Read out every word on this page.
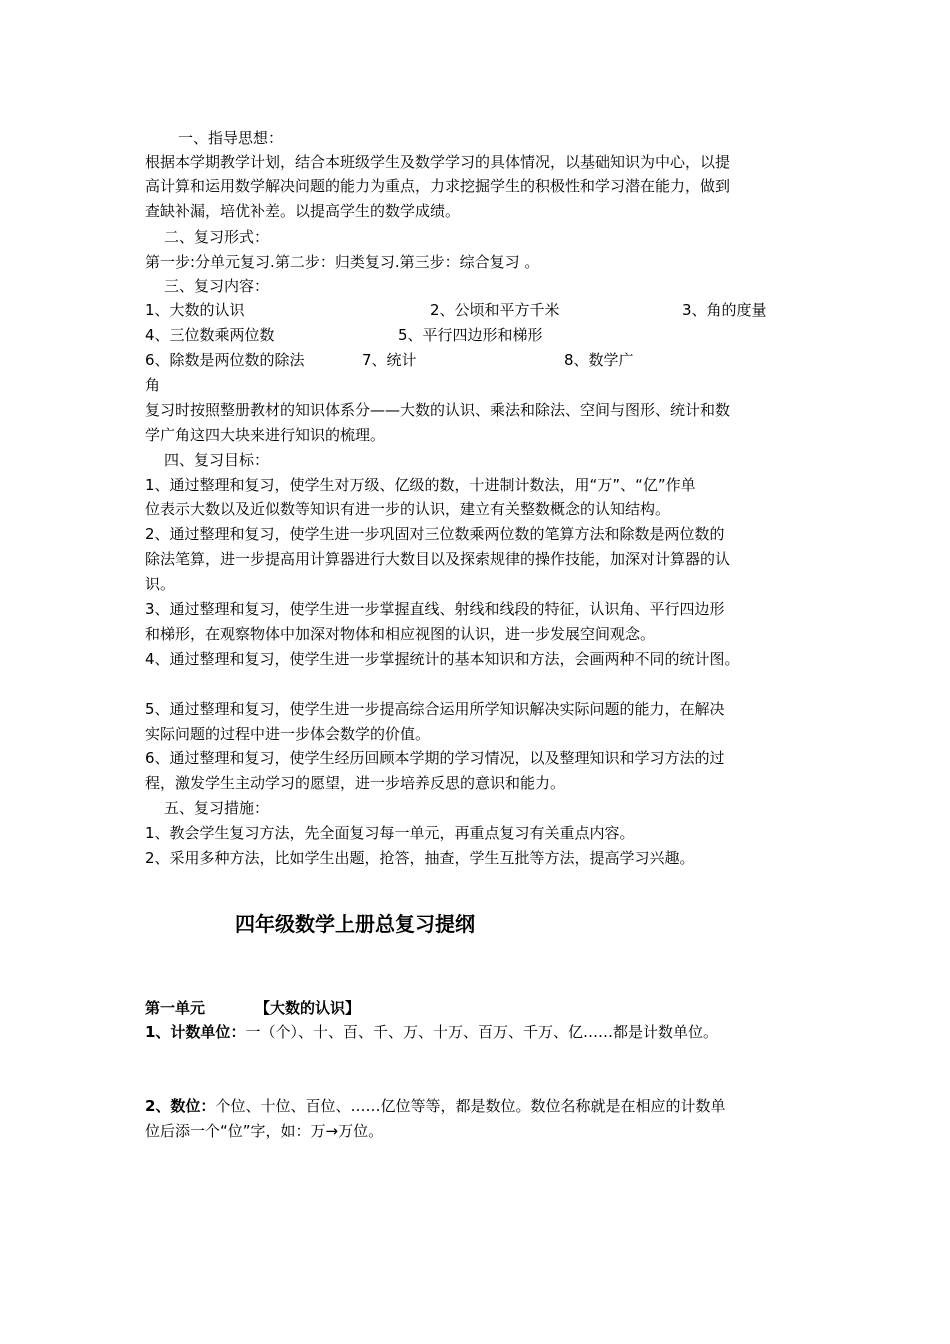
一、指导思想：
根据本学期教学计划，结合本班级学生及数学学习的具体情况，以基础知识为中心，以提
高计算和运用数学解决问题的能力为重点，力求挖掘学生的积极性和学习潜在能力，做到
查缺补漏，培优补差。以提高学生的数学成绩。
二、复习形式：
第一步:分单元复习.第二步：归类复习.第三步：综合复习 。
三、复习内容：
1、大数的认识	2、公顷和平方千米	3、角的度量
4、三位数乘两位数	5、平行四边形和梯形
6、除数是两位数的除法	7、统计	8、数学广
角
复习时按照整册教材的知识体系分——大数的认识、乘法和除法、空间与图形、统计和数
学广角这四大块来进行知识的梳理。
四、复习目标：
1、通过整理和复习，使学生对万级、亿级的数，十进制计数法，用“万”、“亿”作单
位表示大数以及近似数等知识有进一步的认识，建立有关整数概念的认知结构。
2、通过整理和复习，使学生进一步巩固对三位数乘两位数的笔算方法和除数是两位数的
除法笔算，进一步提高用计算器进行大数目以及探索规律的操作技能，加深对计算器的认
识。
3、通过整理和复习，使学生进一步掌握直线、射线和线段的特征，认识角、平行四边形
和梯形，在观察物体中加深对物体和相应视图的认识，进一步发展空间观念。
4、通过整理和复习，使学生进一步掌握统计的基本知识和方法，会画两种不同的统计图。
5、通过整理和复习，使学生进一步提高综合运用所学知识解决实际问题的能力，在解决
实际问题的过程中进一步体会数学的价值。
6、通过整理和复习，使学生经历回顾本学期的学习情况，以及整理知识和学习方法的过
程，激发学生主动学习的愿望，进一步培养反思的意识和能力。
五、复习措施：
1、教会学生复习方法，先全面复习每一单元，再重点复习有关重点内容。
2、采用多种方法，比如学生出题，抢答，抽查，学生互批等方法，提高学习兴趣。
四年级数学上册总复习提纲
第一单元	【大数的认识】
1、计数单位：一（个）、十、百、千、万、十万、百万、千万、亿……都是计数单位。
2、数位：个位、十位、百位、……亿位等等，都是数位。数位名称就是在相应的计数单
位后添一个“位”字，如：万→万位。
